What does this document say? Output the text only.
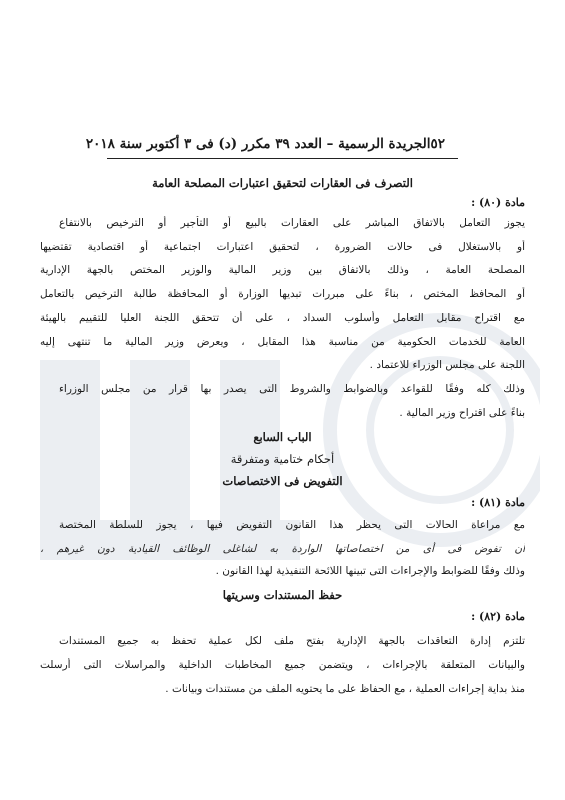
٥٢
الجريدة الرسمية – العدد ٣٩ مكرر (د) فى ٣ أكتوبر سنة ٢٠١٨
التصرف فى العقارات لتحقيق اعتبارات المصلحة العامة
مادة (٨٠) :
يجوز التعامل بالاتفاق المباشر على العقارات بالبيع أو التأجير أو الترخيص بالانتفاع
أو بالاستغلال فى حالات الضرورة ، لتحقيق اعتبارات اجتماعية أو اقتصادية تقتضيها
المصلحة العامة ، وذلك بالاتفاق بين وزير المالية والوزير المختص بالجهة الإدارية
أو المحافظ المختص ، بناءً على مبررات تبديها الوزارة أو المحافظة طالبة الترخيص بالتعامل
مع اقتراح مقابل التعامل وأسلوب السداد ، على أن تتحقق اللجنة العليا للتقييم بالهيئة
العامة للخدمات الحكومية من مناسبة هذا المقابل ، ويعرض وزير المالية ما تنتهى إليه
اللجنة على مجلس الوزراء للاعتماد .
وذلك كله وفقًا للقواعد وبالضوابط والشروط التى يصدر بها قرار من مجلس الوزراء
بناءً على اقتراح وزير المالية .
الباب السابع
أحكام ختامية ومتفرقة
التفويض فى الاختصاصات
مادة (٨١) :
مع مراعاة الحالات التى يحظر هذا القانون التفويض فيها ، يجوز للسلطة المختصة
أن تفوض فى أى من اختصاصاتها الواردة به لشاغلى الوظائف القيادية دون غيرهم ،
وذلك وفقًا للضوابط والإجراءات التى تبينها اللائحة التنفيذية لهذا القانون .
حفظ المستندات وسريتها
مادة (٨٢) :
تلتزم إدارة التعاقدات بالجهة الإدارية بفتح ملف لكل عملية تحفظ به جميع المستندات
والبيانات المتعلقة بالإجراءات ، ويتضمن جميع المخاطبات الداخلية والمراسلات التى أرسلت
منذ بداية إجراءات العملية ، مع الحفاظ على ما يحتويه الملف من مستندات وبيانات .
